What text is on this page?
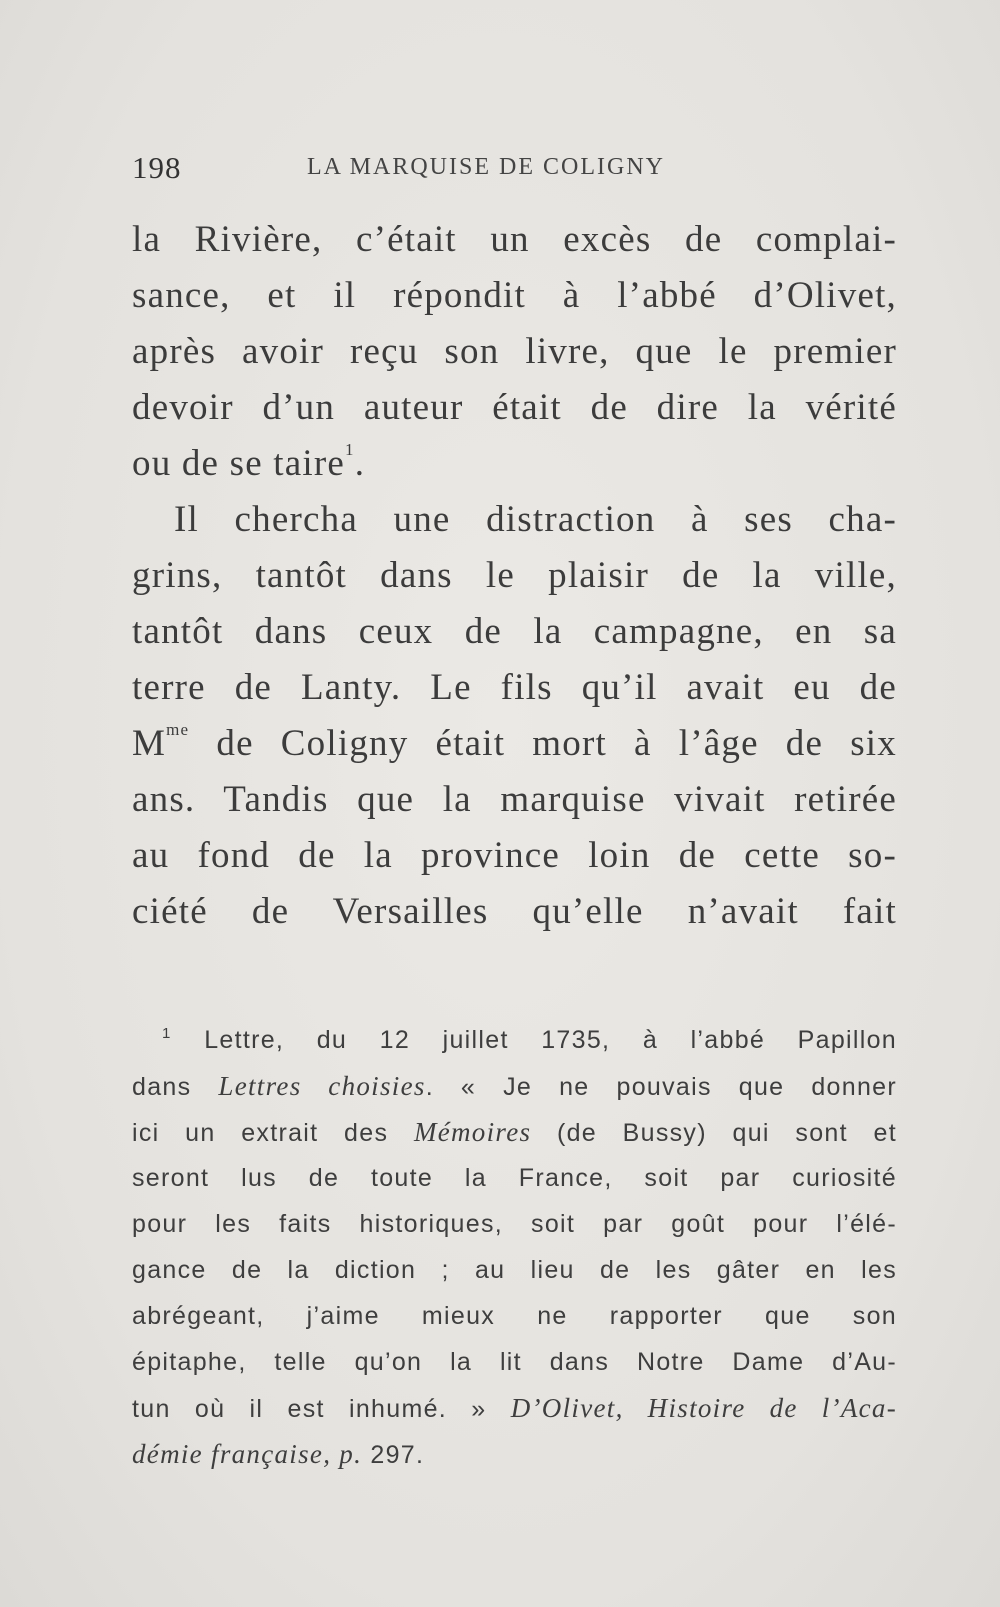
198	LA MARQUISE DE COLIGNY
la Rivière, c’était un excès de complai-
sance, et il répondit à l’abbé d’Olivet,
après avoir reçu son livre, que le premier
devoir d’un auteur était de dire la vérité
ou de se taire$^1$.
Il chercha une distraction à ses cha-
grins, tantôt dans le plaisir de la ville,
tantôt dans ceux de la campagne, en sa
terre de Lanty. Le fils qu’il avait eu de
$M^{me}$ de Coligny était mort à l’âge de six
ans. Tandis que la marquise vivait retirée
au fond de la province loin de cette so-
ciété de Versailles qu’elle n’avait fait
$^1$ Lettre, du 12 juillet 1735, à l’abbé Papillon
dans Lettres choisies. « Je ne pouvais que donner
ici un extrait des Mémoires (de Bussy) qui sont et
seront lus de toute la France, soit par curiosité
pour les faits historiques, soit par goût pour l’élé-
gance de la diction ; au lieu de les gâter en les
abrégeant, j’aime mieux ne rapporter que son
épitaphe, telle qu’on la lit dans Notre Dame d’Au-
tun où il est inhumé. » D’Olivet, Histoire de l’Aca-
démie française, p. 297.
